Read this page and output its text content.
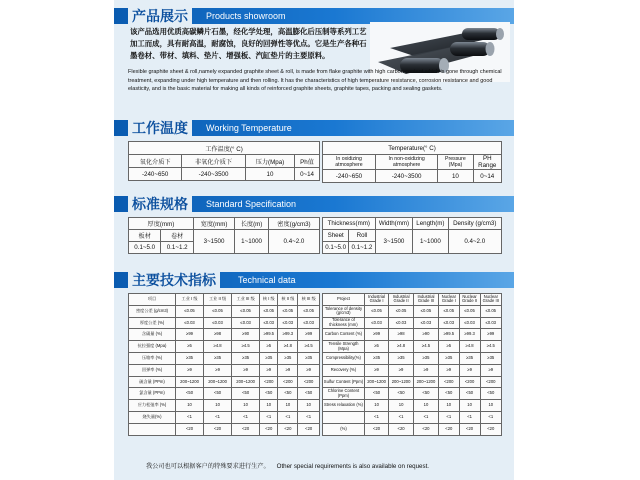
产品展示	Products showroom
该产品选用优质高碳鳞片石墨，经化学处理，高温膨化后压制等系列工艺加工而成，具有耐高温，耐腐蚀，良好的回弹性等优点。它是生产各种石墨卷材、带材、填料、垫片、增强板、汽缸垫片的主要原料。
Flexible graphite sheet & roll,namely expanded graphite sheet & roll, is made from flake graphite with high carbon content which is gone through chemical treatment, expanding under high temperature and then rolling. It has the characteristics of high temperature resistance, corrosion resistance and good elasticity, and is the basic material for making all kinds of reinforced graphite sheets, graphite tapes, packing and sealing gaskets.
工作温度	Working Temperature
工作温度(° C)			
氧化介质下	非氧化介质下	压力(Mpa)	Ph值
-240~650	-240~3500	10	0~14
Temperature(° C)			
In oxidizing atmosphere	In non-oxidizing atmosphere	Pressure (Mpa)	PH Range
-240~650	-240~3500	10	0~14
标准规格	Standard Specification
厚度(mm)		宽度(mm)	长度(m)	密度(g/cm3)
板材	卷材	3~1500	1~1000	0.4~2.0
0.1~5.0	0.1~1.2			
Thickness(mm)		Width(mm)	Length(m)	Density (g/cm3)
Sheet	Roll	3~1500	1~1000	0.4~2.0
0.1~5.0	0.1~1.2			
主要技术指标	Technical data
项目	工业 I 级	工业 II 级	工业 III 级	核 I 级	核 II 级	核 III 级
密度公差 (g/cm3)	≤0.05	≤0.05	≤0.05	≤0.05	≤0.05	≤0.05
厚度公差 (%)	≤0.03	≤0.03	≤0.03	≤0.03	≤0.03	≤0.03
含碳量 (%)	≥99	≥98	≥90	≥99.5	≥99.3	≥99
抗拉强度 (Mpa)	≥5	≥4.8	≥4.5	≥5	≥4.8	≥4.5
压缩率 (%)	≥35	≥35	≥35	≥35	≥35	≥35
回弹率 (%)	≥9	≥9	≥9	≥9	≥9	≥9
硫含量 (PPm)	200~1200	200~1200	200~1200	<200	<200	<200
氯含量 (PPm)	<50	<50	<50	<50	<50	<50
应力松弛率 (%)	10	10	10	10	10	10
烧失量(%)	<1	<1	<1	<1	<1	<1
	<20	<20	<20	<20	<20	<20
Project	Industrial Grade I	Industrial Grade II	Industrial Grade III	Nuclear Grade I	Nuclear Grade II	Nuclear Grade III
Tolerance of density (g/cm3)	≤0.05	≤0.05	≤0.05	≤0.05	≤0.05	≤0.05
Tolerance of thickness (mm)	≤0.03	≤0.03	≤0.03	≤0.03	≤0.03	≤0.03
Carbon Content (%)	≥99	≥98	≥90	≥99.5	≥99.3	≥99
Tensile Strength (Mpa)	≥5	≥4.8	≥4.5	≥5	≥4.8	≥4.5
Compressibility(%)	≥35	≥35	≥35	≥35	≥35	≥35
Recovery (%)	≥9	≥9	≥9	≥9	≥9	≥9
Sulfur Content (Ppm)	200~1200	200~1200	200~1200	<200	<200	<200
Chlorine Content (Ppm)	<50	<50	<50	<50	<50	<50
Stress relaxation (%)	10	10	10	10	10	10
	<1	<1	<1	<1	<1	<1
(%)	<20	<20	<20	<20	<20	<20
我公司也可以根据客户的特殊要求进行生产。 Other special requirements is also available on request.
